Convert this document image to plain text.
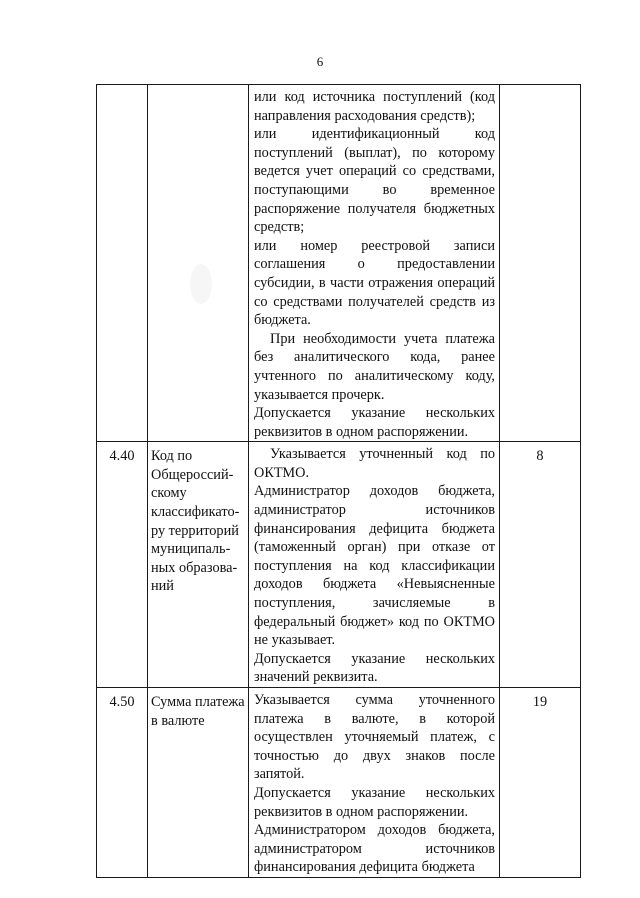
6

		или код источника поступлений (код направления расходования средств);
или идентификационный код поступлений (выплат), по которому ведется учет операций со средствами, поступающими во временное распоряжение получателя бюджетных средств;
или номер реестровой записи соглашения о предоставлении субсидии, в части отражения операций со средствами получателей средств из бюджета.
При необходимости учета платежа без аналитического кода, ранее учтенного по аналитическому коду, указывается прочерк.
Допускается указание нескольких реквизитов в одном распоряжении.	

4.40	Код по Общероссий-скому классификато-ру территорий муниципаль-ных образова-ний	Указывается уточненный код по ОКТМО.
Администратор доходов бюджета, администратор источников финансирования дефицита бюджета (таможенный орган) при отказе от поступления на код классификации доходов бюджета «Невыясненные поступления, зачисляемые в федеральный бюджет» код по ОКТМО не указывает.
Допускается указание нескольких значений реквизита.	8

4.50	Сумма платежа в валюте	Указывается сумма уточненного платежа в валюте, в которой осуществлен уточняемый платеж, с точностью до двух знаков после запятой.
Допускается указание нескольких реквизитов в одном распоряжении.
Администратором доходов бюджета, администратором источников финансирования дефицита бюджета	19
